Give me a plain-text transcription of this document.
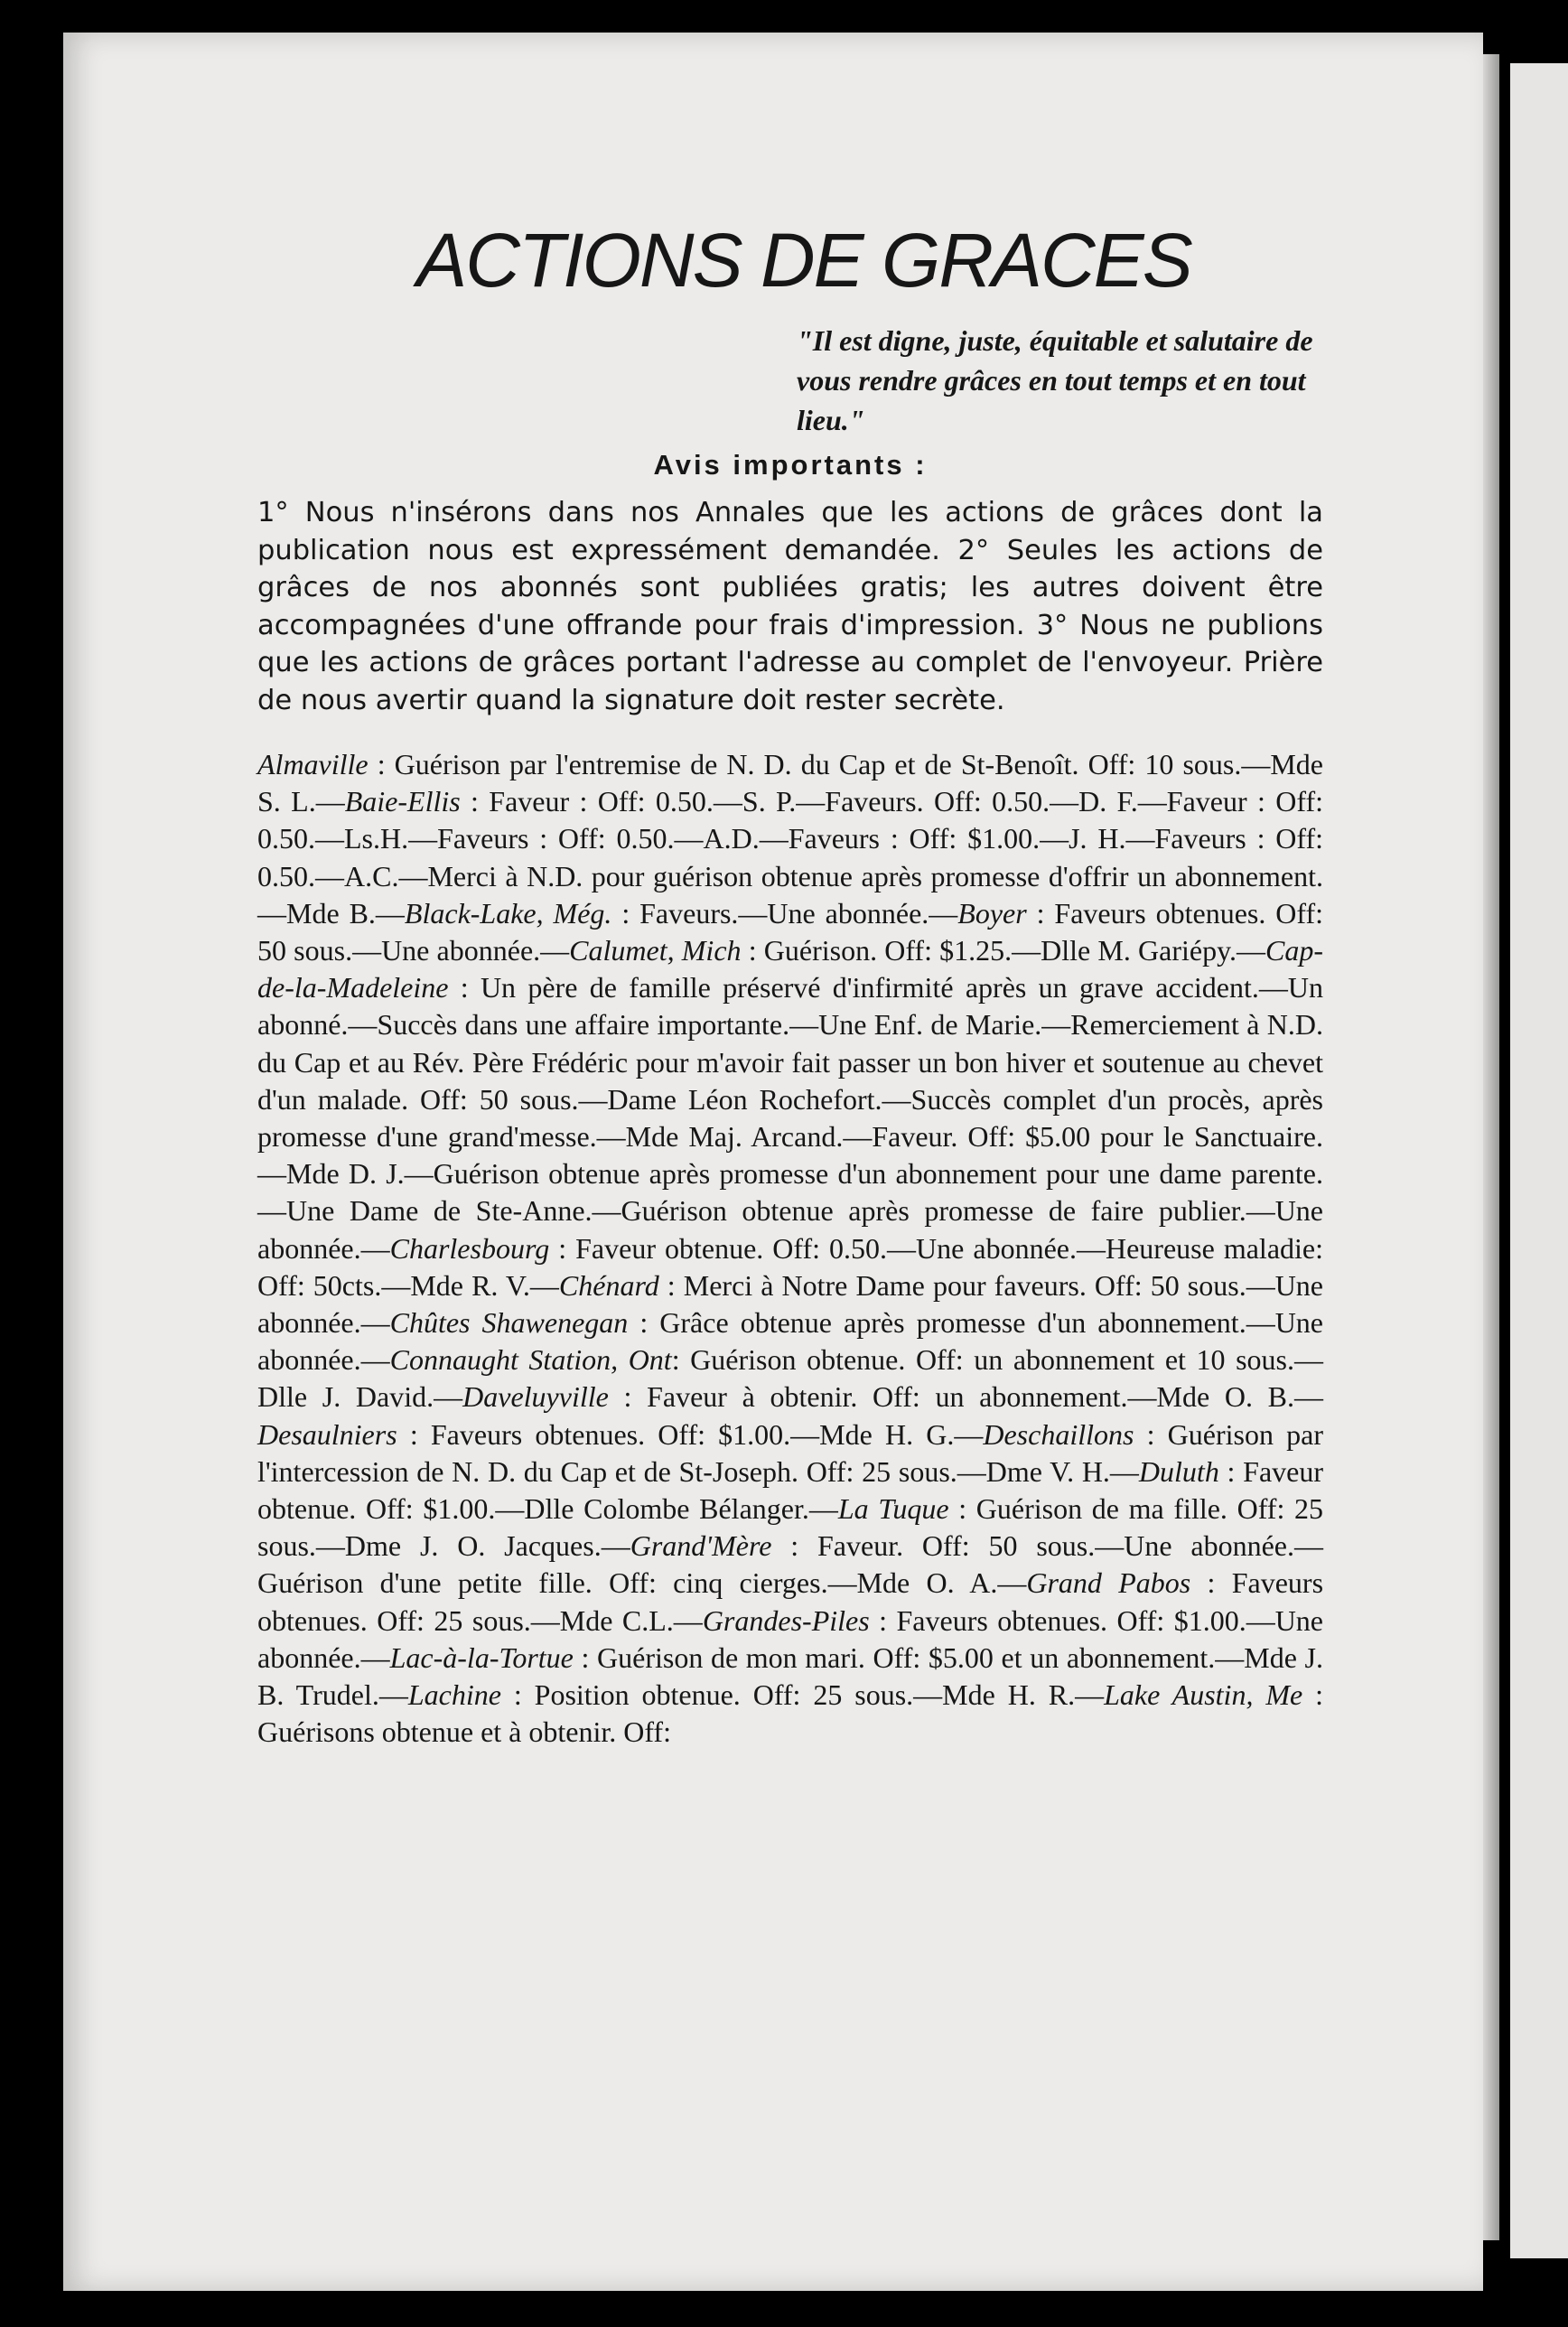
ACTIONS DE GRACES
"Il est digne, juste, équitable et salutaire de vous rendre grâces en tout temps et en tout lieu."
Avis importants :
1° Nous n'insérons dans nos Annales que les actions de grâces dont la publication nous est expressément demandée. 2° Seules les actions de grâces de nos abonnés sont publiées gratis; les autres doivent être accompagnées d'une offrande pour frais d'impression. 3° Nous ne publions que les actions de grâces portant l'adresse au complet de l'envoyeur. Prière de nous avertir quand la signature doit rester secrète.

Almaville : Guérison par l'entremise de N. D. du Cap et de St-Benoît. Off: 10 sous.—Mde S. L.—Baie-Ellis : Faveur : Off: 0.50.—S. P.—Faveurs. Off: 0.50.—D. F.—Faveur : Off: 0.50.—Ls.H.—Faveurs : Off: 0.50.—A.D.—Faveurs : Off: $1.00.—J. H.—Faveurs : Off: 0.50.—A.C.—Merci à N.D. pour guérison obtenue après promesse d'offrir un abonnement.—Mde B.—Black-Lake, Még. : Faveurs.—Une abonnée.—Boyer : Faveurs obtenues. Off: 50 sous.—Une abonnée.—Calumet, Mich : Guérison. Off: $1.25.—Dlle M. Gariépy.—Cap-de-la-Madeleine : Un père de famille préservé d'infirmité après un grave accident.—Un abonné.—Succès dans une affaire importante.—Une Enf. de Marie.—Remerciement à N.D. du Cap et au Rév. Père Frédéric pour m'avoir fait passer un bon hiver et soutenue au chevet d'un malade. Off: 50 sous.—Dame Léon Rochefort.—Succès complet d'un procès, après promesse d'une grand'messe.—Mde Maj. Arcand.—Faveur. Off: $5.00 pour le Sanctuaire.—Mde D. J.—Guérison obtenue après promesse d'un abonnement pour une dame parente.—Une Dame de Ste-Anne.—Guérison obtenue après promesse de faire publier.—Une abonnée.—Charlesbourg : Faveur obtenue. Off: 0.50.—Une abonnée.—Heureuse maladie: Off: 50cts.—Mde R. V.—Chénard : Merci à Notre Dame pour faveurs. Off: 50 sous.—Une abonnée.—Chûtes Shawenegan : Grâce obtenue après promesse d'un abonnement.—Une abonnée.—Connaught Station, Ont: Guérison obtenue. Off: un abonnement et 10 sous.—Dlle J. David.—Daveluyville : Faveur à obtenir. Off: un abonnement.—Mde O. B.—Desaulniers : Faveurs obtenues. Off: $1.00.—Mde H. G.—Deschaillons : Guérison par l'intercession de N. D. du Cap et de St-Joseph. Off: 25 sous.—Dme V. H.—Duluth : Faveur obtenue. Off: $1.00.—Dlle Colombe Bélanger.—La Tuque : Guérison de ma fille. Off: 25 sous.—Dme J. O. Jacques.—Grand'Mère : Faveur. Off: 50 sous.—Une abonnée.—Guérison d'une petite fille. Off: cinq cierges.—Mde O. A.—Grand Pabos : Faveurs obtenues. Off: 25 sous.—Mde C.L.—Grandes-Piles : Faveurs obtenues. Off: $1.00.—Une abonnée.—Lac-à-la-Tortue : Guérison de mon mari. Off: $5.00 et un abonnement.—Mde J. B. Trudel.—Lachine : Position obtenue. Off: 25 sous.—Mde H. R.—Lake Austin, Me : Guérisons obtenue et à obtenir. Off:
